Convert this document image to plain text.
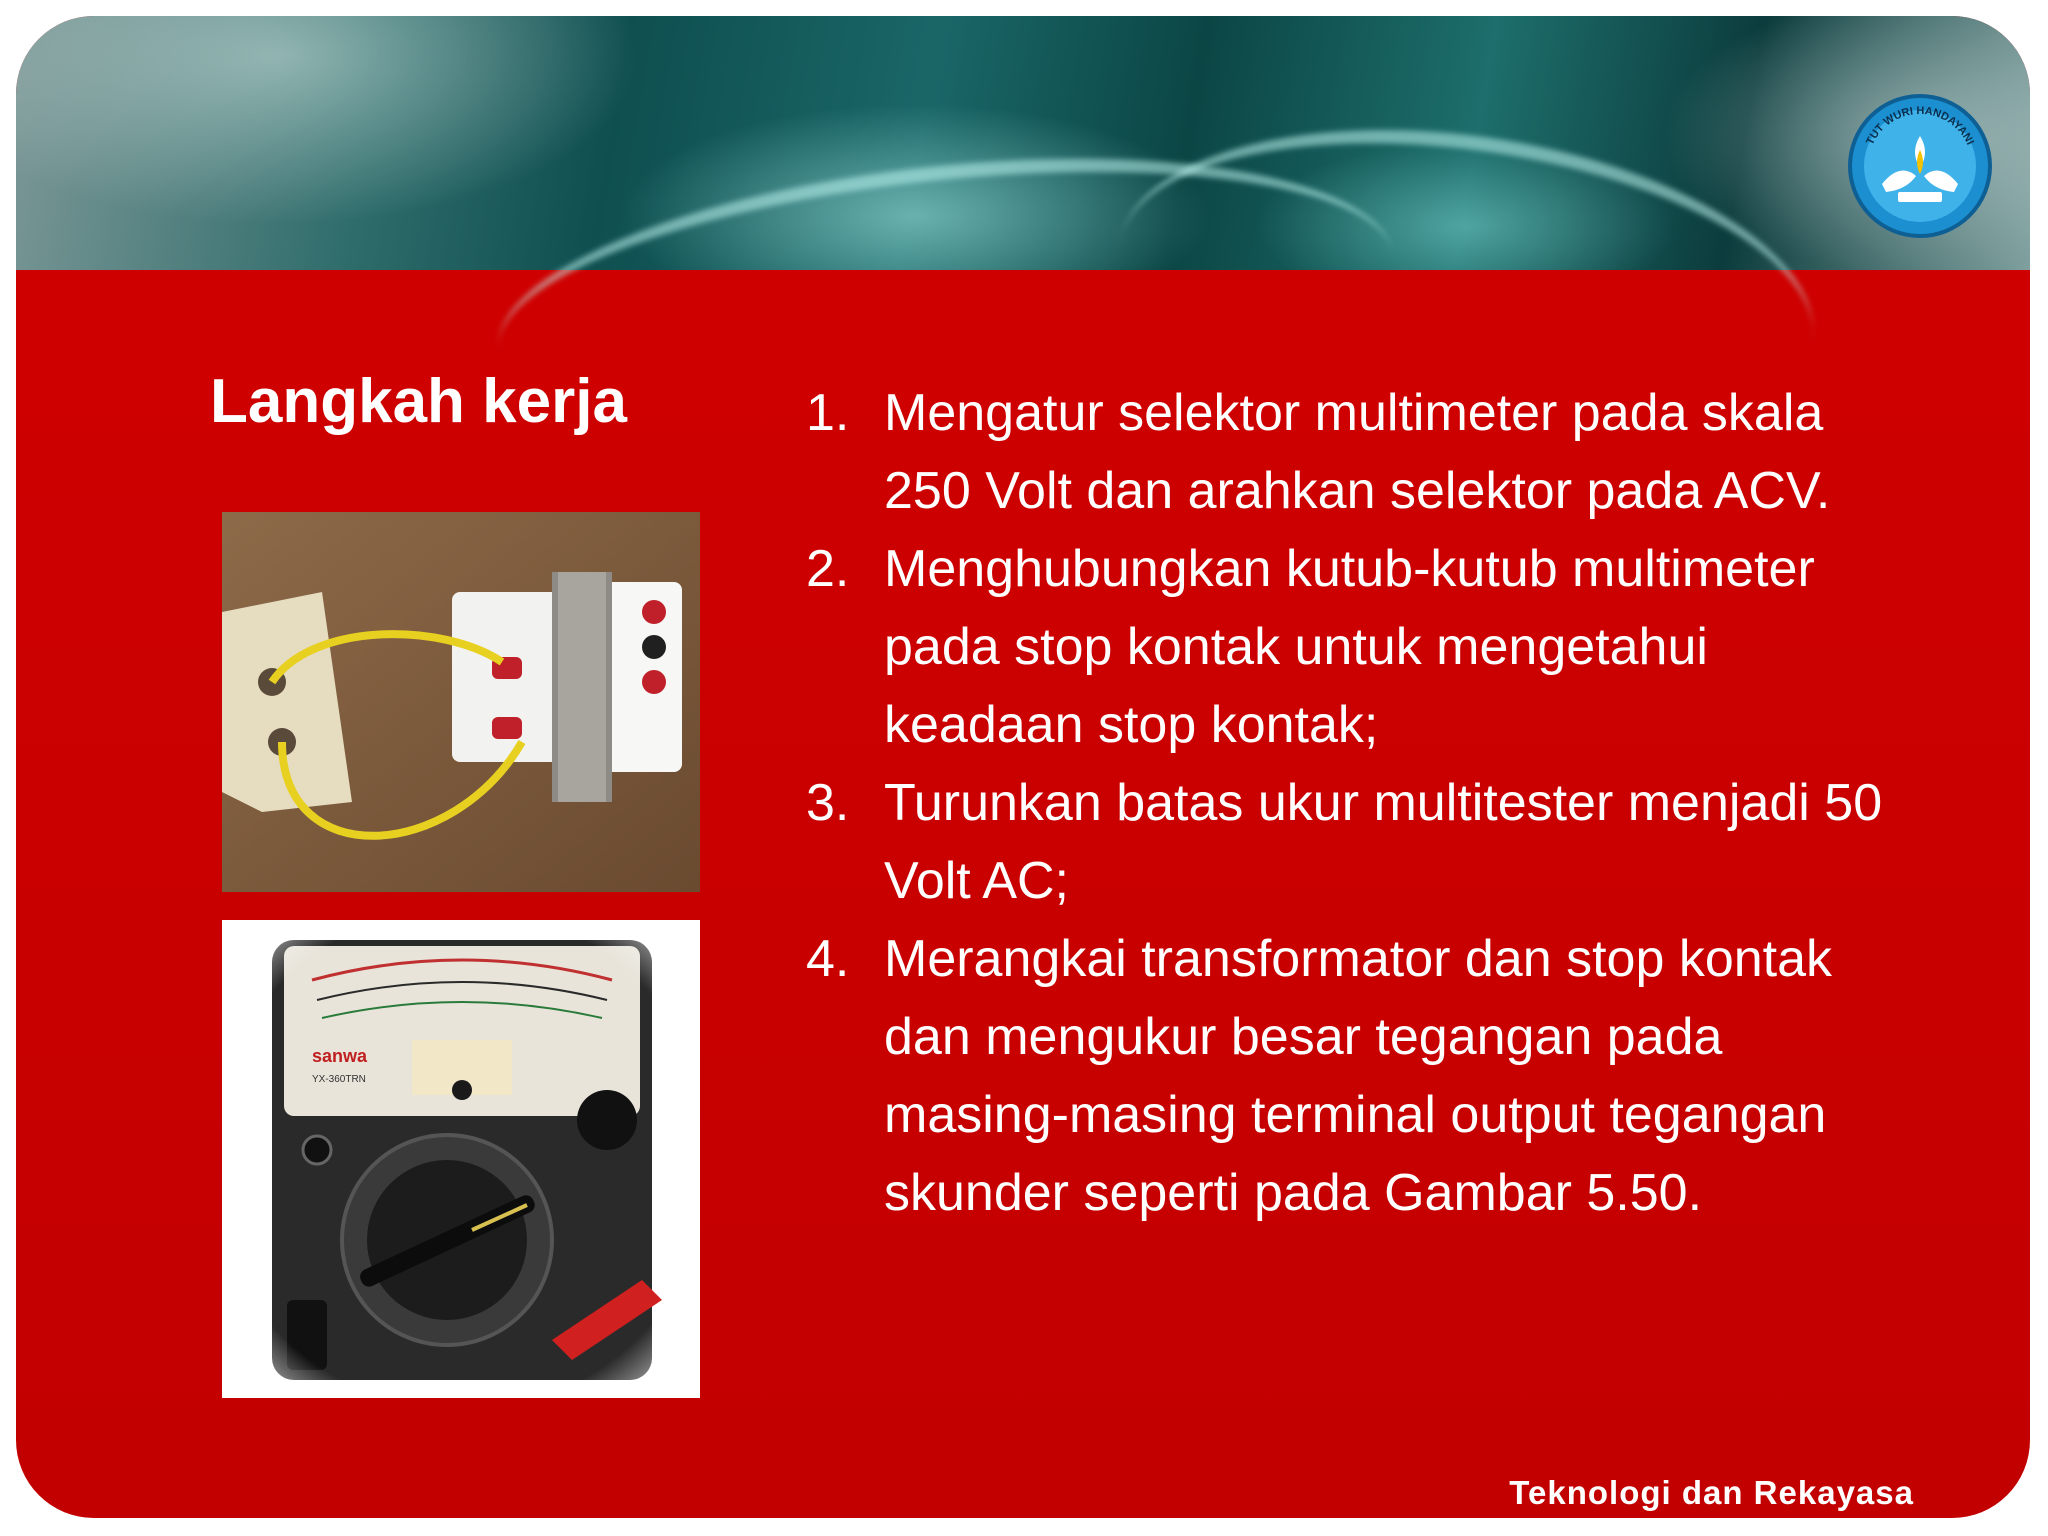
TUT WURI HANDAYANI
Langkah kerja	1. Mengatur selektor multimeter pada skala 250 Volt dan arahkan selektor pada ACV.
2. Menghubungkan kutub-kutub multimeter pada stop kontak untuk mengetahui keadaan stop kontak;
3. Turunkan batas ukur multitester menjadi 50 Volt AC;
4. Merangkai transformator dan stop kontak dan mengukur besar tegangan pada masing-masing terminal output tegangan skunder seperti pada Gambar 5.50.
Teknologi dan Rekayasa
